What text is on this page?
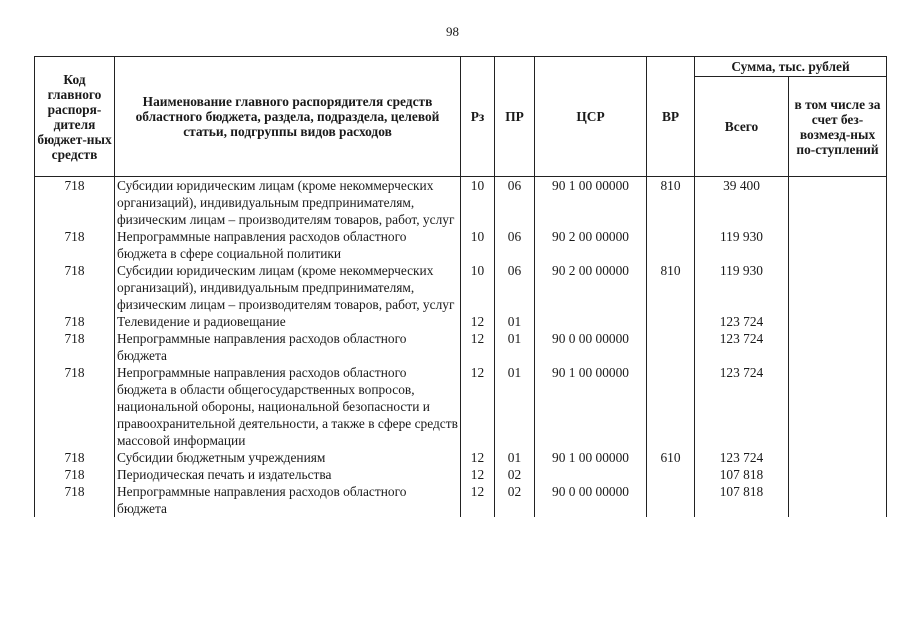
98
Код главного распоря-дителя бюджет-ных средств	Наименование главного распорядителя средств областного бюджета, раздела, подраздела, целевой статьи, подгруппы видов расходов	Рз	ПР	ЦСР	ВР	Сумма, тыс. рублей	
						Всего	в том числе за счет без-возмезд-ных по-ступлений
718	Субсидии юридическим лицам (кроме некоммерческих организаций), индивидуальным предпринимателям, физическим лицам – производителям товаров, работ, услуг	10	06	90 1 00 00000	810	39 400	
718	Непрограммные направления расходов областного бюджета в сфере социальной политики	10	06	90 2 00 00000		119 930	
718	Субсидии юридическим лицам (кроме некоммерческих организаций), индивидуальным предпринимателям, физическим лицам – производителям товаров, работ, услуг	10	06	90 2 00 00000	810	119 930	
718	Телевидение и радиовещание	12	01			123 724	
718	Непрограммные направления расходов областного бюджета	12	01	90 0 00 00000		123 724	
718	Непрограммные направления расходов областного бюджета в области общегосударственных вопросов, национальной обороны, национальной безопасности и правоохранительной деятельности, а также в сфере средств массовой информации	12	01	90 1 00 00000		123 724	
718	Субсидии бюджетным учреждениям	12	01	90 1 00 00000	610	123 724	
718	Периодическая печать и издательства	12	02			107 818	
718	Непрограммные направления расходов областного бюджета	12	02	90 0 00 00000		107 818	
